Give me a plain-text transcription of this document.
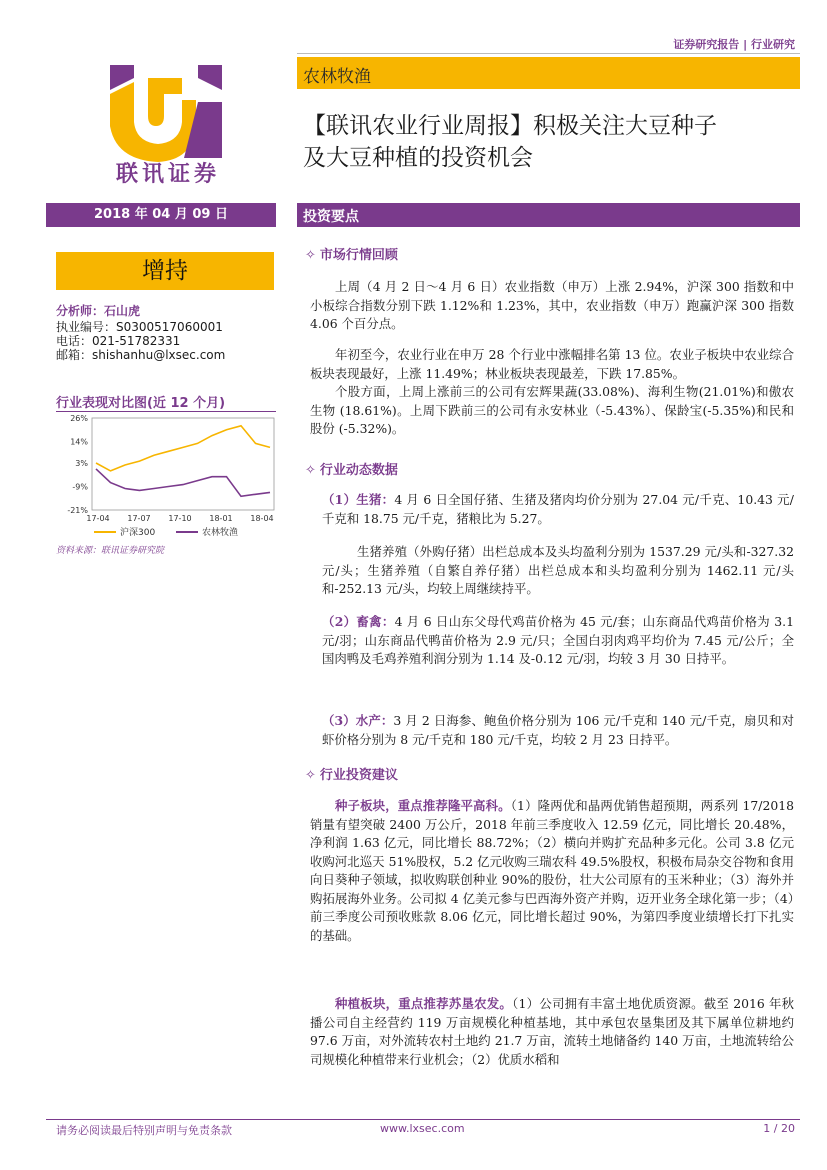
证券研究报告 | 行业研究
农林牧渔
联讯证券
【联讯农业行业周报】积极关注大豆种子
及大豆种植的投资机会
2018 年 04 月 09 日	投资要点
增持
分析师：石山虎
执业编号：S0300517060001
电话：021-51782331
邮箱：shishanhu@lxsec.com
行业表现对比图(近 12 个月)
26%
14%
3%
-9%
-21%
17-04 17-07 17-10 18-01 18-04
沪深300	农林牧渔
资料来源：联讯证券研究院
✧ 市场行情回顾
上周（4 月 2 日～4 月 6 日）农业指数（申万）上涨 2.94%，沪深 300 指数和中小板综合指数分别下跌 1.12%和 1.23%，其中，农业指数（申万）跑赢沪深 300 指数 4.06 个百分点。
年初至今，农业行业在申万 28 个行业中涨幅排名第 13 位。农业子板块中农业综合板块表现最好，上涨 11.49%；林业板块表现最差，下跌 17.85%。
个股方面，上周上涨前三的公司有宏辉果蔬(33.08%)、海利生物(21.01%)和傲农生物 (18.61%)。上周下跌前三的公司有永安林业（-5.43%）、保龄宝(-5.35%)和民和股份 (-5.32%)。
✧ 行业动态数据
（1）生猪：4 月 6 日全国仔猪、生猪及猪肉均价分别为 27.04 元/千克、10.43 元/千克和 18.75 元/千克，猪粮比为 5.27。
生猪养殖（外购仔猪）出栏总成本及头均盈利分别为 1537.29 元/头和-327.32 元/头；生猪养殖（自繁自养仔猪）出栏总成本和头均盈利分别为 1462.11 元/头和-252.13 元/头，均较上周继续持平。
（2）畜禽：4 月 6 日山东父母代鸡苗价格为 45 元/套；山东商品代鸡苗价格为 3.1 元/羽；山东商品代鸭苗价格为 2.9 元/只；全国白羽肉鸡平均价为 7.45 元/公斤；全国肉鸭及毛鸡养殖利润分别为 1.14 及-0.12 元/羽，均较 3 月 30 日持平。
（3）水产：3 月 2 日海参、鲍鱼价格分别为 106 元/千克和 140 元/千克，扇贝和对虾价格分别为 8 元/千克和 180 元/千克，均较 2 月 23 日持平。
✧ 行业投资建议
种子板块，重点推荐隆平高科。（1）隆两优和晶两优销售超预期，两系列 17/2018 销量有望突破 2400 万公斤，2018 年前三季度收入 12.59 亿元，同比增长 20.48%，净利润 1.63 亿元，同比增长 88.72%；（2）横向并购扩充品种多元化。公司 3.8 亿元收购河北巡天 51%股权，5.2 亿元收购三瑞农科 49.5%股权，积极布局杂交谷物和食用向日葵种子领域，拟收购联创种业 90%的股份，壮大公司原有的玉米种业；（3）海外并购拓展海外业务。公司拟 4 亿美元参与巴西海外资产并购，迈开业务全球化第一步；（4）前三季度公司预收账款 8.06 亿元，同比增长超过 90%，为第四季度业绩增长打下扎实的基础。
种植板块，重点推荐苏垦农发。（1）公司拥有丰富土地优质资源。截至 2016 年秋播公司自主经营约 119 万亩规模化种植基地，其中承包农垦集团及其下属单位耕地约 97.6 万亩，对外流转农村土地约 21.7 万亩，流转土地储备约 140 万亩，土地流转给公司规模化种植带来行业机会；（2）优质水稻和
请务必阅读最后特别声明与免责条款	www.lxsec.com	1 / 20
